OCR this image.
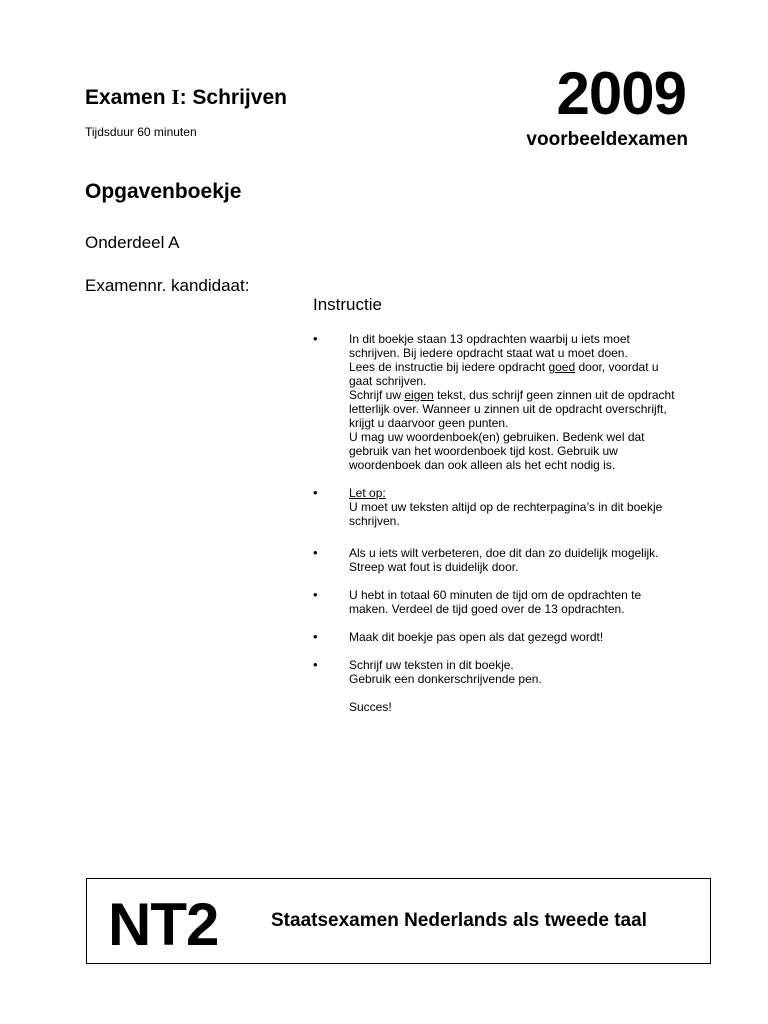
Examen I: Schrijven
Tijdsduur 60 minuten
2009
voorbeeldexamen
Opgavenboekje
Onderdeel A
Examennr. kandidaat:
Instructie
•	In dit boekje staan 13 opdrachten waarbij u iets moet
schrijven. Bij iedere opdracht staat wat u moet doen.
Lees de instructie bij iedere opdracht goed door, voordat u
gaat schrijven.
Schrijf uw eigen tekst, dus schrijf geen zinnen uit de opdracht
letterlijk over. Wanneer u zinnen uit de opdracht overschrijft,
krijgt u daarvoor geen punten.
U mag uw woordenboek(en) gebruiken. Bedenk wel dat
gebruik van het woordenboek tijd kost. Gebruik uw
woordenboek dan ook alleen als het echt nodig is.
•	Let op:
U moet uw teksten altijd op de rechterpagina’s in dit boekje
schrijven.
•	Als u iets wilt verbeteren, doe dit dan zo duidelijk mogelijk.
Streep wat fout is duidelijk door.
•	U hebt in totaal 60 minuten de tijd om de opdrachten te
maken. Verdeel de tijd goed over de 13 opdrachten.
•	Maak dit boekje pas open als dat gezegd wordt!
•	Schrijf uw teksten in dit boekje.
Gebruik een donkerschrijvende pen.

Succes!
NT2	Staatsexamen Nederlands als tweede taal
